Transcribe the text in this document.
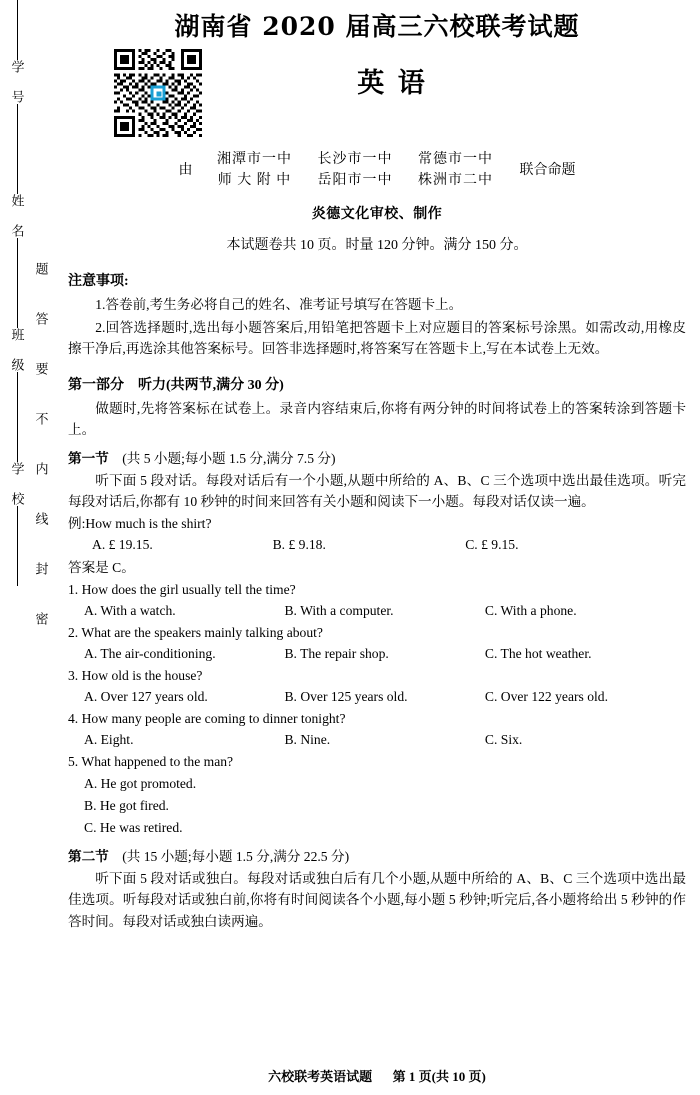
学 号
姓 名
班 级
学 校
题
答
要
不
内
线
封
密
湖南省 2020 届高三六校联考试题
英 语
由
湘潭市一中 长沙市一中 常德市一中
师 大 附 中 岳阳市一中 株洲市二中
联合命题
炎德文化审校、制作
本试题卷共 10 页。时量 120 分钟。满分 150 分。
注意事项:
1.答卷前,考生务必将自己的姓名、准考证号填写在答题卡上。
2.回答选择题时,选出每小题答案后,用铅笔把答题卡上对应题目的答案标号涂黑。如需改动,用橡皮擦干净后,再选涂其他答案标号。回答非选择题时,将答案写在答题卡上,写在本试卷上无效。
第一部分 听力(共两节,满分 30 分)
做题时,先将答案标在试卷上。录音内容结束后,你将有两分钟的时间将试卷上的答案转涂到答题卡上。
第一节 (共 5 小题;每小题 1.5 分,满分 7.5 分)
听下面 5 段对话。每段对话后有一个小题,从题中所给的 A、B、C 三个选项中选出最佳选项。听完每段对话后,你都有 10 秒钟的时间来回答有关小题和阅读下一小题。每段对话仅读一遍。
例:How much is the shirt?
A. £ 19.15.	B. £ 9.18.	C. £ 9.15.
答案是 C。
1. How does the girl usually tell the time?
A. With a watch.	B. With a computer.	C. With a phone.
2. What are the speakers mainly talking about?
A. The air-conditioning.	B. The repair shop.	C. The hot weather.
3. How old is the house?
A. Over 127 years old.	B. Over 125 years old.	C. Over 122 years old.
4. How many people are coming to dinner tonight?
A. Eight.	B. Nine.	C. Six.
5. What happened to the man?
A. He got promoted.
B. He got fired.
C. He was retired.
第二节 (共 15 小题;每小题 1.5 分,满分 22.5 分)
听下面 5 段对话或独白。每段对话或独白后有几个小题,从题中所给的 A、B、C 三个选项中选出最佳选项。听每段对话或独白前,你将有时间阅读各个小题,每小题 5 秒钟;听完后,各小题将给出 5 秒钟的作答时间。每段对话或独白读两遍。
六校联考英语试题 第 1 页(共 10 页)
